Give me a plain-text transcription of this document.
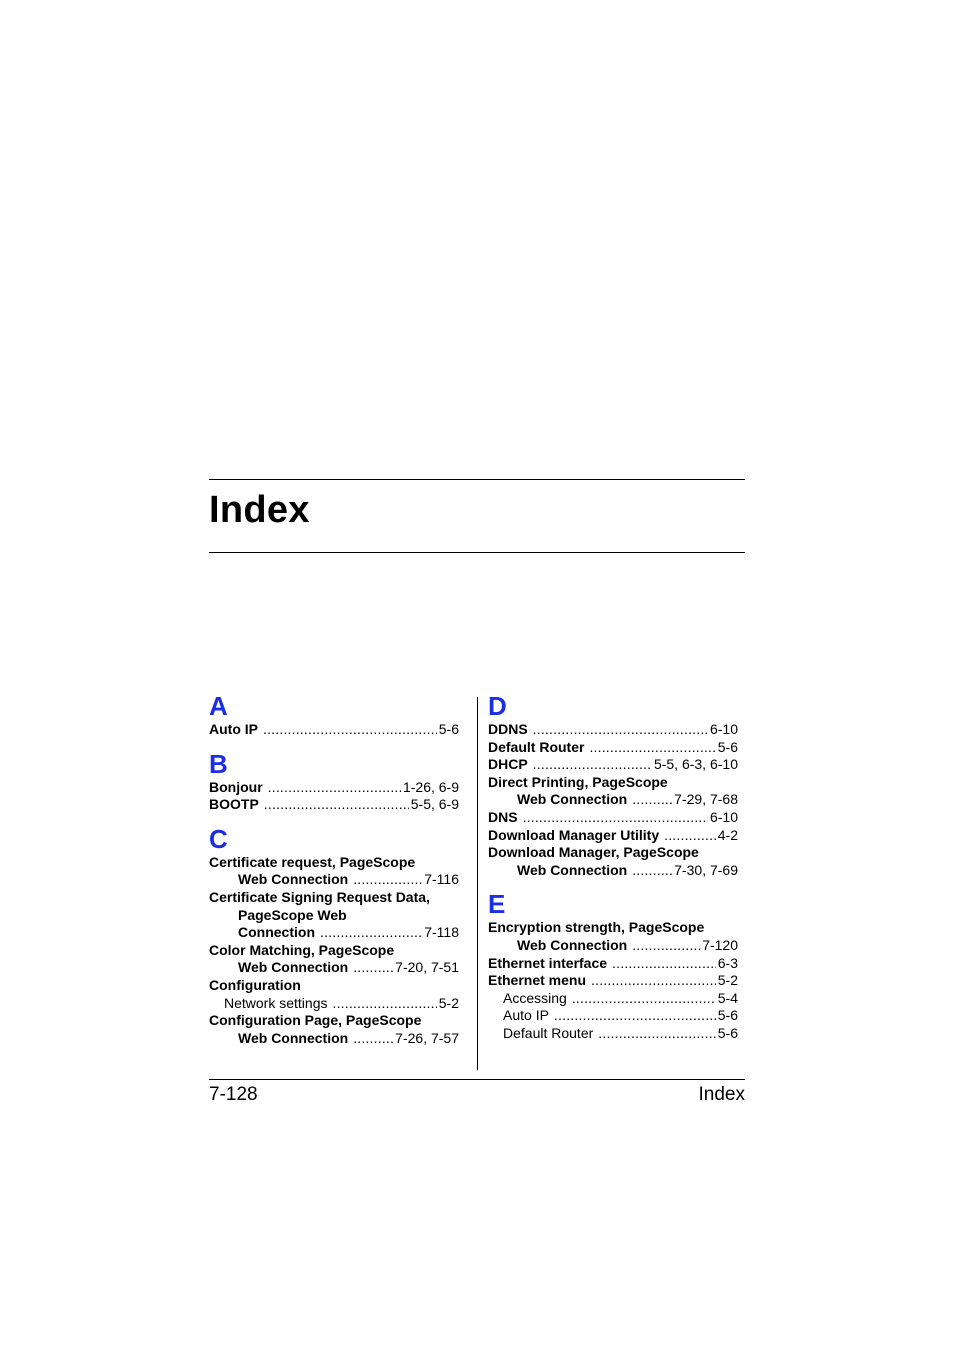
Index
A
Auto IP .....	5-6
B
Bonjour .....	1-26, 6-9
BOOTP .....	5-5, 6-9
C
Certificate request, PageScope
Web Connection .....	7-116
Certificate Signing Request Data,
PageScope Web
Connection .....	7-118
Color Matching, PageScope
Web Connection .....	7-20, 7-51
Configuration
Network settings .....	5-2
Configuration Page, PageScope
Web Connection .....	7-26, 7-57
D
DDNS .....	6-10
Default Router .....	5-6
DHCP .....	5-5, 6-3, 6-10
Direct Printing, PageScope
Web Connection .....	7-29, 7-68
DNS .....	6-10
Download Manager Utility .....	4-2
Download Manager, PageScope
Web Connection .....	7-30, 7-69
E
Encryption strength, PageScope
Web Connection .....	7-120
Ethernet interface .....	6-3
Ethernet menu .....	5-2
Accessing .....	5-4
Auto IP .....	5-6
Default Router .....	5-6
7-128	Index
